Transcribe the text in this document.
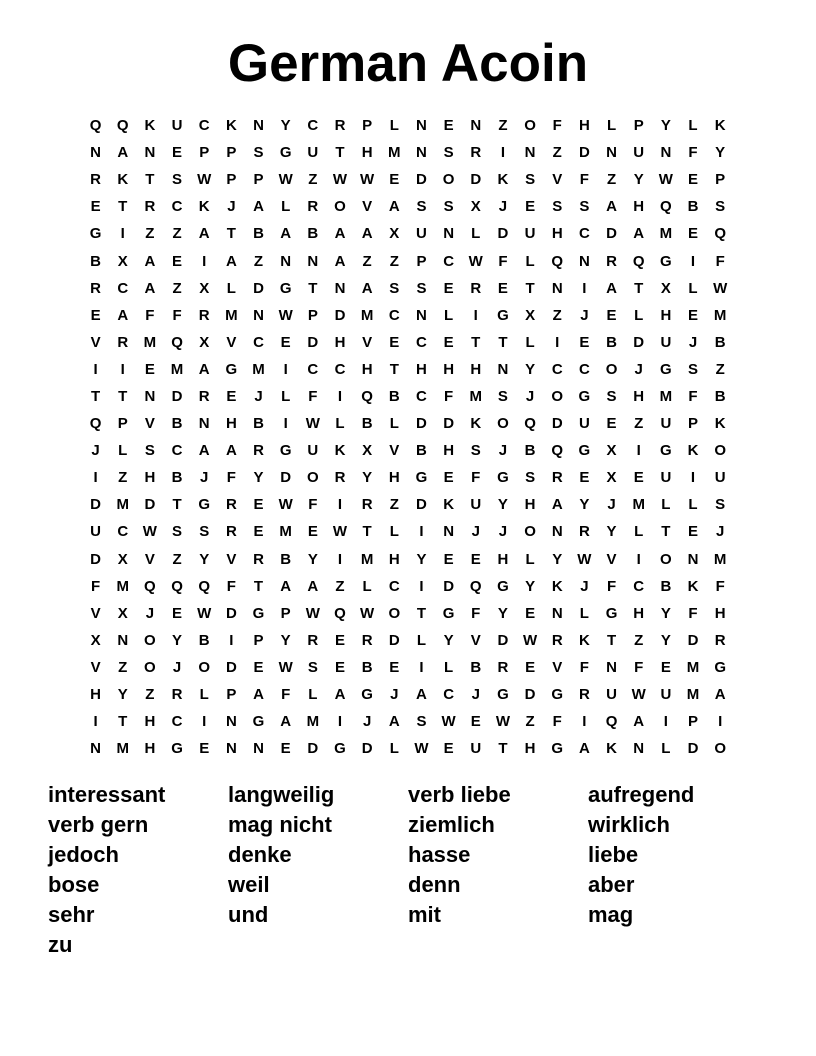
German Acoin
Q	Q	K	U	C	K	N	Y	C	R	P	L	N	E	N	Z	O	F	H	L	P	Y	L	K
N	A	N	E	P	P	S	G	U	T	H	M	N	S	R	I	N	Z	D	N	U	N	F	Y
R	K	T	S	W	P	P	W	Z	W W	E	D	O	D	K	S	V	F	Z	Y	W	E	P
E	T	R	C	K	J	A	L	R	O	V	A	S	S	X	J	E	S	S	A	H	Q	B	S
G	I	Z	Z	A	T	B	A	B	A	A	X	U	N	L	D	U	H	C	D	A	M	E	Q
B	X	A	E	I	A	Z	N	N	A	Z	Z	P	C W	F	L	Q	N	R	Q	G	I	F
R	C	A	Z	X	L	D	G	T	N	A	S	S	E	R	E	T	N	I	A	T	X	L	W
E	A	F	F	R	M	N W	P	D	M	C	N	L	I	G	X	Z	J	E	L	H	E	M
V	R	M	Q	X	V	C	E	D	H	V	E	C	E	T	T	L	I	E	B	D	U	J	B
I	I	E	M	A	G	M	I	C	C	H	T	H	H	H	N	Y	C	C	O	J	G	S	Z
T	T	N	D	R	E	J	L	F	I	Q	B	C	F	M	S	J	O	G	S	H	M	F	B
Q	P	V	B	N	H	B	I	W	L	B	L	D	D	K	O	Q	D	U	E	Z	U	P	K
J	L	S	C	A	A	R	G	U	K	X	V	B	H	S	J	B	Q	G	X	I	G	K	O
I	Z	H	B	J	F	Y	D	O	R	Y	H	G	E	F	G	S	R	E	X	E	U	I	U
D	M	D	T	G	R	E	W	F	I	R	Z	D	K	U	Y	H	A	Y	J	M	L	L	S
U	C W	S	S	R	E	M	E	W	T	L	I	N	J	J	O	N	R	Y	L	T	E	J
D	X	V	Z	Y	V	R	B	Y	I	M	H	Y	E	E	H	L	Y	W	V	I	O	N	M
F	M	Q	Q	Q	F	T	A	A	Z	L	C	I	D	Q	G	Y	K	J	F	C	B	K	F
V	X	J	E	W D	G	P	W Q W O	T	G	F	Y	E	N	L	G	H	Y	F	H
X	N	O	Y	B	I	P	Y	R	E	R	D	L	Y	V	D W R	K	T	Z	Y	D	R
V	Z	O	J	O	D	E	W	S	E	B	E	I	L	B	R	E	V	F	N	F	E	M	G
H	Y	Z	R	L	P	A	F	L	A	G	J	A	C	J	G	D	G	R	U W U	M	A
I	T	H	C	I	N	G	A	M	I	J	A	S	W	E	W	Z	F	I	Q	A	I	P	I
N	M	H	G	E	N	N	E	D	G	D	L	W	E	U	T	H	G	A	K	N	L	D	O
interessant	langweilig	verb liebe	aufregend
verb gern	mag nicht	ziemlich	wirklich
jedoch	denke	hasse	liebe
bose	weil	denn	aber
sehr	und	mit	mag
zu
